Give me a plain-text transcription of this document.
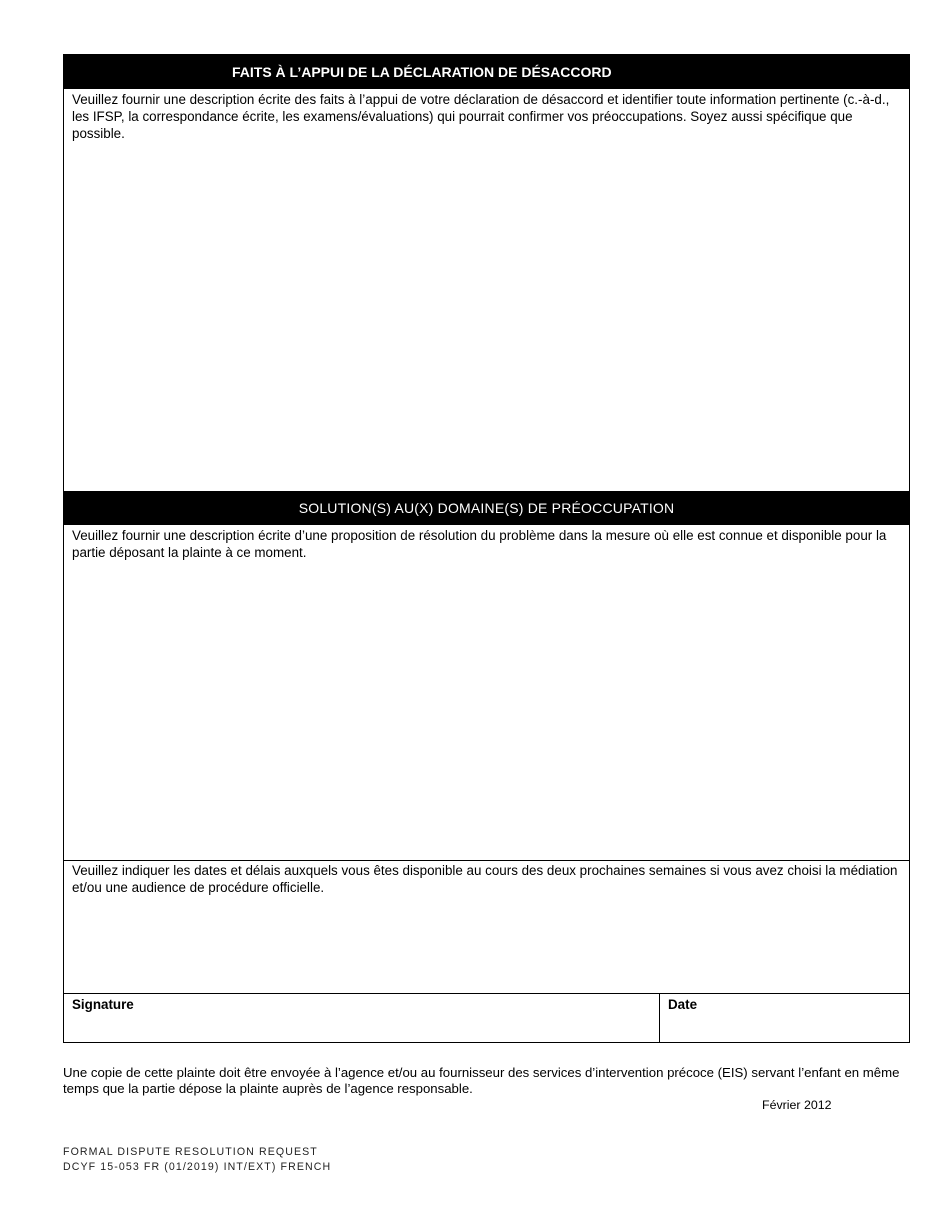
FAITS À L’APPUI DE LA DÉCLARATION DE DÉSACCORD
Veuillez fournir une description écrite des faits à l’appui de votre déclaration de désaccord et identifier toute information pertinente (c.-à-d., les IFSP, la correspondance écrite, les examens/évaluations) qui pourrait confirmer vos préoccupations. Soyez aussi spécifique que possible.
SOLUTION(S) AU(X) DOMAINE(S) DE PRÉOCCUPATION
Veuillez fournir une description écrite d’une proposition de résolution du problème dans la mesure où elle est connue et disponible pour la partie déposant la plainte à ce moment.
Veuillez indiquer les dates et délais auxquels vous êtes disponible au cours des deux prochaines semaines si vous avez choisi la médiation et/ou une audience de procédure officielle.
Signature	Date
Une copie de cette plainte doit être envoyée à l’agence et/ou au fournisseur des services d’intervention précoce (EIS) servant l’enfant en même temps que la partie dépose la plainte auprès de l’agence responsable.
Février 2012
FORMAL DISPUTE RESOLUTION REQUEST
DCYF 15-053 FR (01/2019) INT/EXT) FRENCH
